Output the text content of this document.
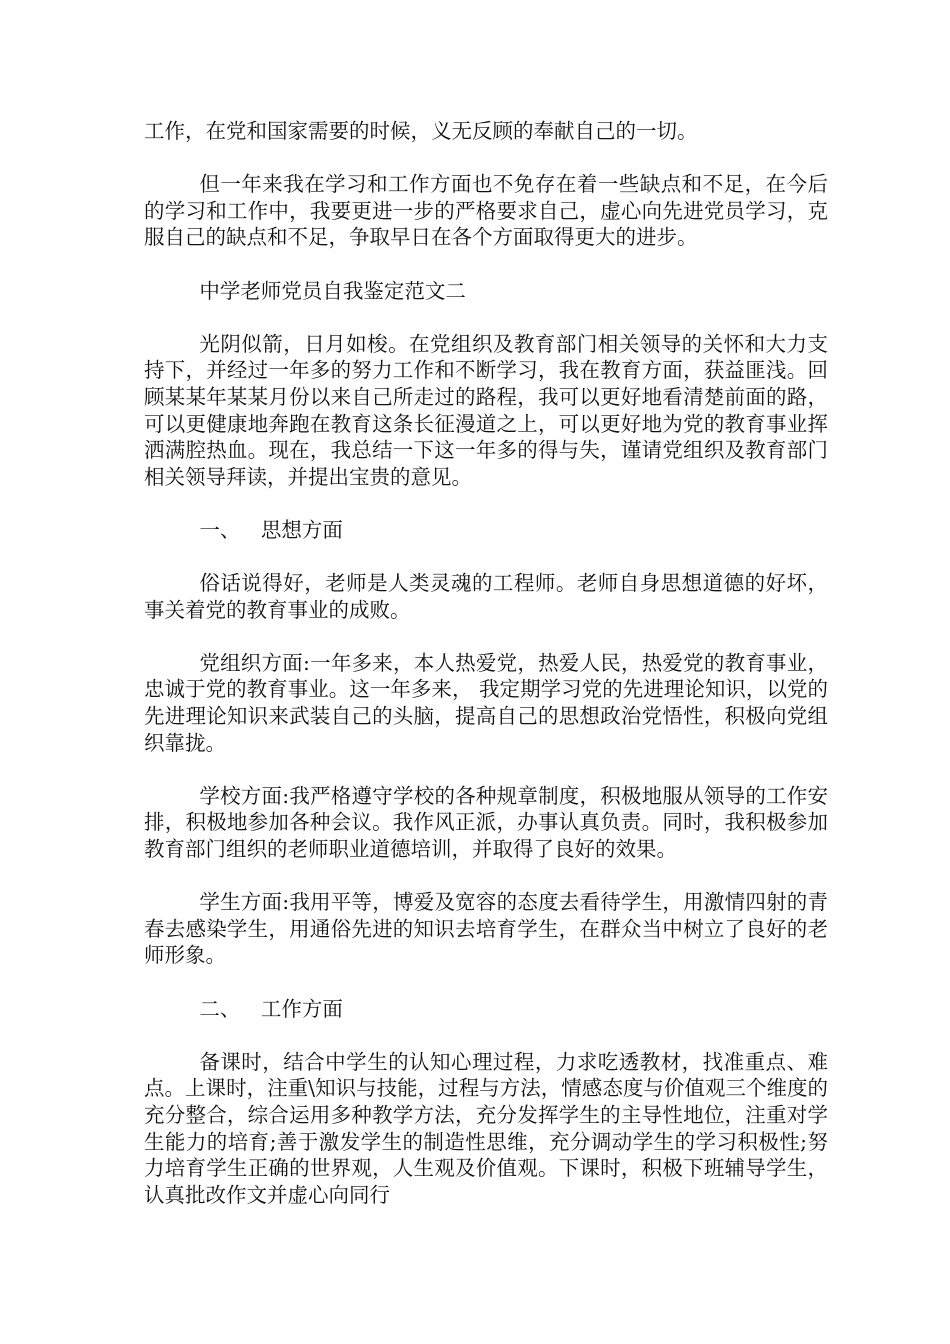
工作，在党和国家需要的时候，义无反顾的奉献自己的一切。

但一年来我在学习和工作方面也不免存在着一些缺点和不足，在今后的学习和工作中，我要更进一步的严格要求自己，虚心向先进党员学习，克服自己的缺点和不足，争取早日在各个方面取得更大的进步。

中学老师党员自我鉴定范文二

光阴似箭，日月如梭。在党组织及教育部门相关领导的关怀和大力支持下，并经过一年多的努力工作和不断学习，我在教育方面，获益匪浅。回顾某某年某某月份以来自己所走过的路程，我可以更好地看清楚前面的路，可以更健康地奔跑在教育这条长征漫道之上，可以更好地为党的教育事业挥洒满腔热血。现在，我总结一下这一年多的得与失，谨请党组织及教育部门相关领导拜读，并提出宝贵的意见。

一、 思想方面

俗话说得好，老师是人类灵魂的工程师。老师自身思想道德的好坏，事关着党的教育事业的成败。

党组织方面:一年多来，本人热爱党，热爱人民，热爱党的教育事业，忠诚于党的教育事业。这一年多来， 我定期学习党的先进理论知识，以党的先进理论知识来武装自己的头脑，提高自己的思想政治党悟性，积极向党组织靠拢。

学校方面:我严格遵守学校的各种规章制度，积极地服从领导的工作安排，积极地参加各种会议。我作风正派，办事认真负责。同时，我积极参加教育部门组织的老师职业道德培训，并取得了良好的效果。

学生方面:我用平等，博爱及宽容的态度去看待学生，用激情四射的青春去感染学生，用通俗先进的知识去培育学生，在群众当中树立了良好的老师形象。

二、 工作方面

备课时，结合中学生的认知心理过程，力求吃透教材，找准重点、难点。上课时，注重\知识与技能，过程与方法，情感态度与价值观三个维度的充分整合，综合运用多种教学方法，充分发挥学生的主导性地位，注重对学生能力的培育;善于激发学生的制造性思维，充分调动学生的学习积极性;努力培育学生正确的世界观，人生观及价值观。下课时，积极下班辅导学生，认真批改作文并虚心向同行
